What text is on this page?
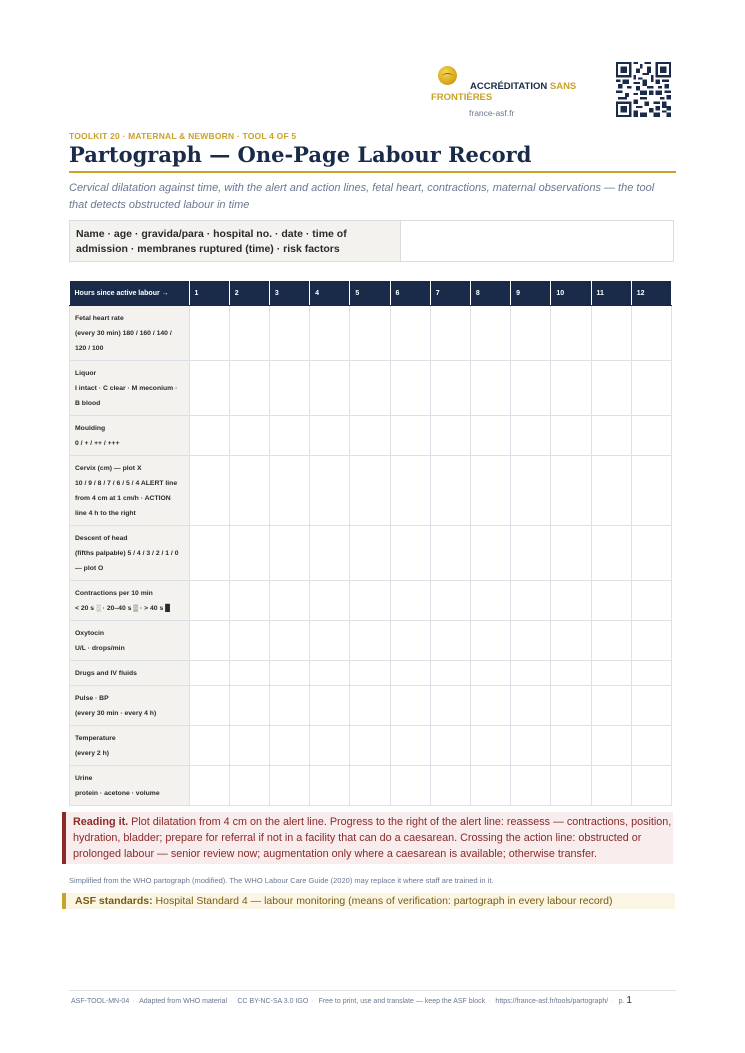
ACCRÉDITATION SANS
FRONTIÈRES
france-asf.fr
TOOLKIT 20 · MATERNAL & NEWBORN · TOOL 4 OF 5
Partograph — One-Page Labour Record
Cervical dilatation against time, with the alert and action lines, fetal heart, contractions, maternal observations — the tool that detects obstructed labour in time
Name · age · gravida/para · hospital no. · date · time of admission · membranes ruptured (time) · risk factors
Hours since active labour →	1	2	3	4	5	6	7	8	9	10	11	12

Fetal heart rate
(every 30 min) 180 / 160 / 140 / 120 / 100												

Liquor
I intact · C clear · M meconium · B blood												

Moulding
0 / + / ++ / +++												

Cervix (cm) — plot X
10 / 9 / 8 / 7 / 6 / 5 / 4 ALERT line from 4 cm at 1 cm/h · ACTION line 4 h to the right												

Descent of head
(fifths palpable) 5 / 4 / 3 / 2 / 1 / 0 — plot O												

Contractions per 10 min
< 20 s ░ · 20–40 s ▒ · > 40 s █												

Oxytocin
U/L · drops/min												

Drugs and IV fluids												

Pulse · BP
(every 30 min · every 4 h)												

Temperature
(every 2 h)												

Urine
protein · acetone · volume												

Reading it. Plot dilatation from 4 cm on the alert line. Progress to the right of the alert line: reassess — contractions, position, hydration, bladder; prepare for referral if not in a facility that can do a caesarean. Crossing the action line: obstructed or prolonged labour — senior review now; augmentation only where a caesarean is available; otherwise transfer.
Simplified from the WHO partograph (modified). The WHO Labour Care Guide (2020) may replace it where staff are trained in it.
ASF standards: Hospital Standard 4 — labour monitoring (means of verification: partograph in every labour record)
ASF-TOOL-MN-04 · Adapted from WHO material · CC BY-NC-SA 3.0 IGO · Free to print, use and translate — keep the ASF block · https://france-asf.fr/tools/partograph/ · p. 1
